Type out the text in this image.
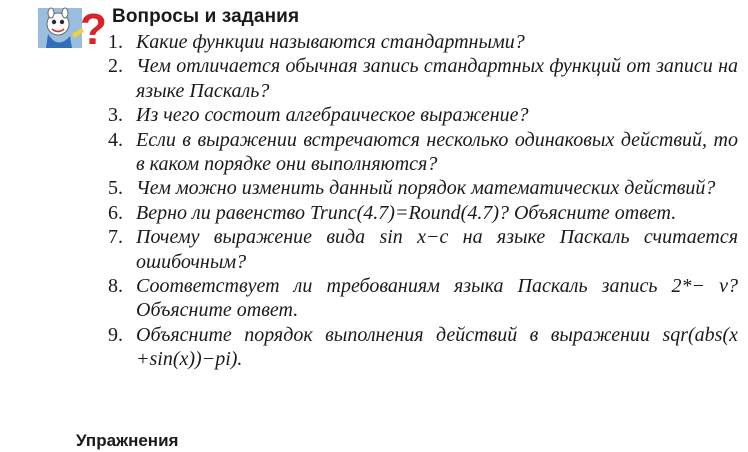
? Вопросы и задания
1. Какие функции называются стандартными?
2. Чем отличается обычная запись стандартных функций от записи на языке Паскаль?
3. Из чего состоит алгебраическое выражение?
4. Если в выражении встречаются несколько одинаковых действий, то в каком порядке они выполняются?
5. Чем можно изменить данный порядок математических действий?
6. Верно ли равенство Trunc(4.7)=Round(4.7)? Объясните ответ.
7. Почему выражение вида sin x−c на языке Паскаль считается ошибочным?
8. Соответствует ли требованиям языка Паскаль запись 2*− v? Объясните ответ.
9. Объясните порядок выполнения действий в выражении sqr(abs(x +sin(x))−pi).
Упражнения
